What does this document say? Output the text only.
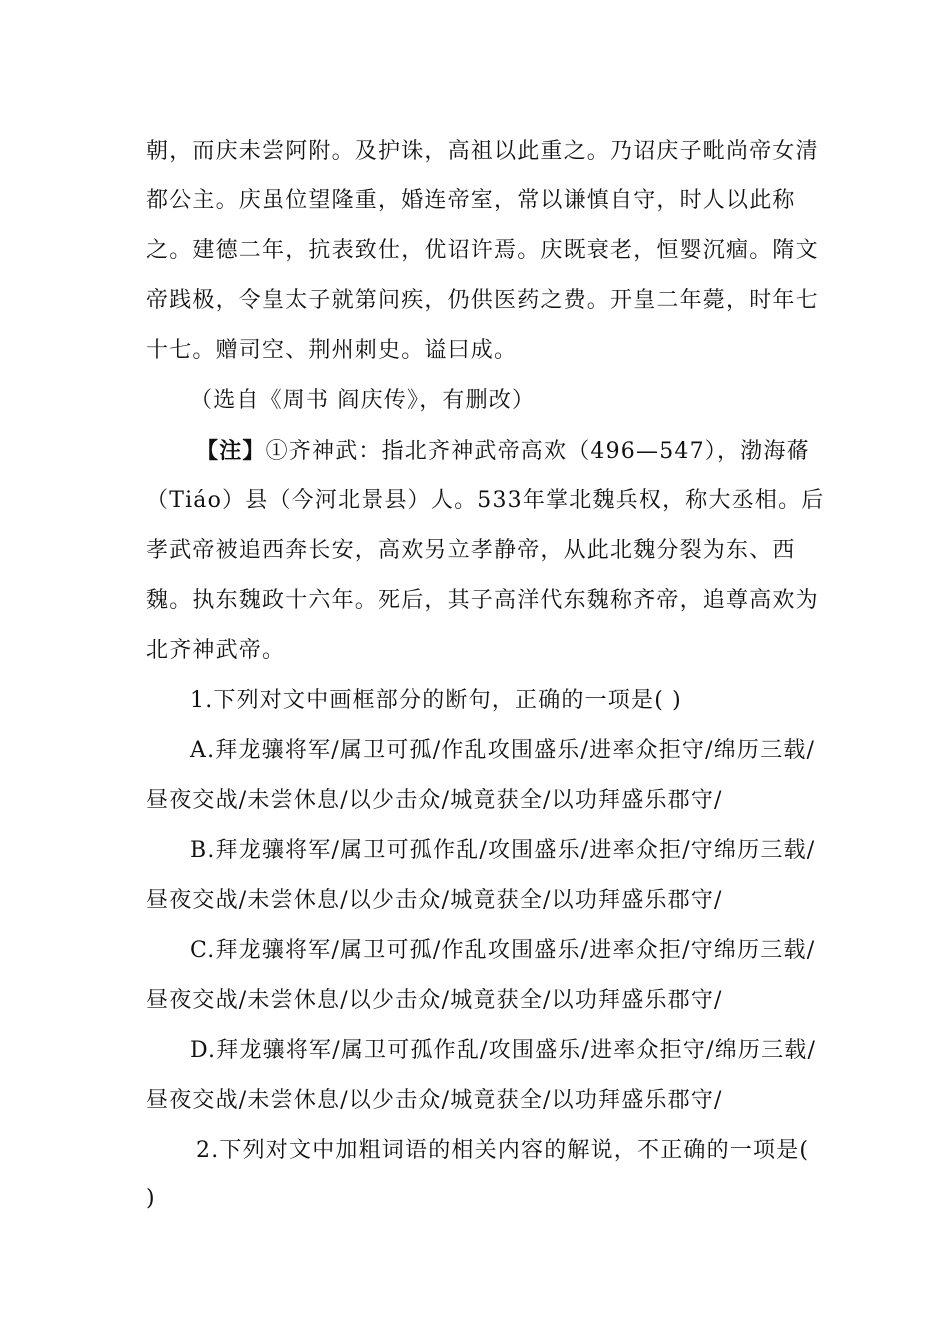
朝，而庆未尝阿附。及护诛，高祖以此重之。乃诏庆子毗尚帝女清
都公主。庆虽位望隆重，婚连帝室，常以谦慎自守，时人以此称
之。建德二年，抗表致仕，优诏许焉。庆既衰老，恒婴沉痼。隋文
帝践极，令皇太子就第问疾，仍供医药之费。开皇二年薨，时年七
十七。赠司空、荆州刺史。谥曰成。
（选自《周书 阎庆传》，有删改）
【注】①齐神武：指北齐神武帝高欢（496—547），渤海蓨
（Tiáo）县（今河北景县）人。533年掌北魏兵权，称大丞相。后
孝武帝被追西奔长安，高欢另立孝静帝，从此北魏分裂为东、西
魏。执东魏政十六年。死后，其子高洋代东魏称齐帝，追尊高欢为
北齐神武帝。
1.下列对文中画框部分的断句，正确的一项是( )
A.拜龙骧将军/属卫可孤/作乱攻围盛乐/进率众拒守/绵历三载/
昼夜交战/未尝休息/以少击众/城竟获全/以功拜盛乐郡守/
B.拜龙骧将军/属卫可孤作乱/攻围盛乐/进率众拒/守绵历三载/
昼夜交战/未尝休息/以少击众/城竟获全/以功拜盛乐郡守/
C.拜龙骧将军/属卫可孤/作乱攻围盛乐/进率众拒/守绵历三载/
昼夜交战/未尝休息/以少击众/城竟获全/以功拜盛乐郡守/
D.拜龙骧将军/属卫可孤作乱/攻围盛乐/进率众拒守/绵历三载/
昼夜交战/未尝休息/以少击众/城竟获全/以功拜盛乐郡守/
2.下列对文中加粗词语的相关内容的解说，不正确的一项是(
)
